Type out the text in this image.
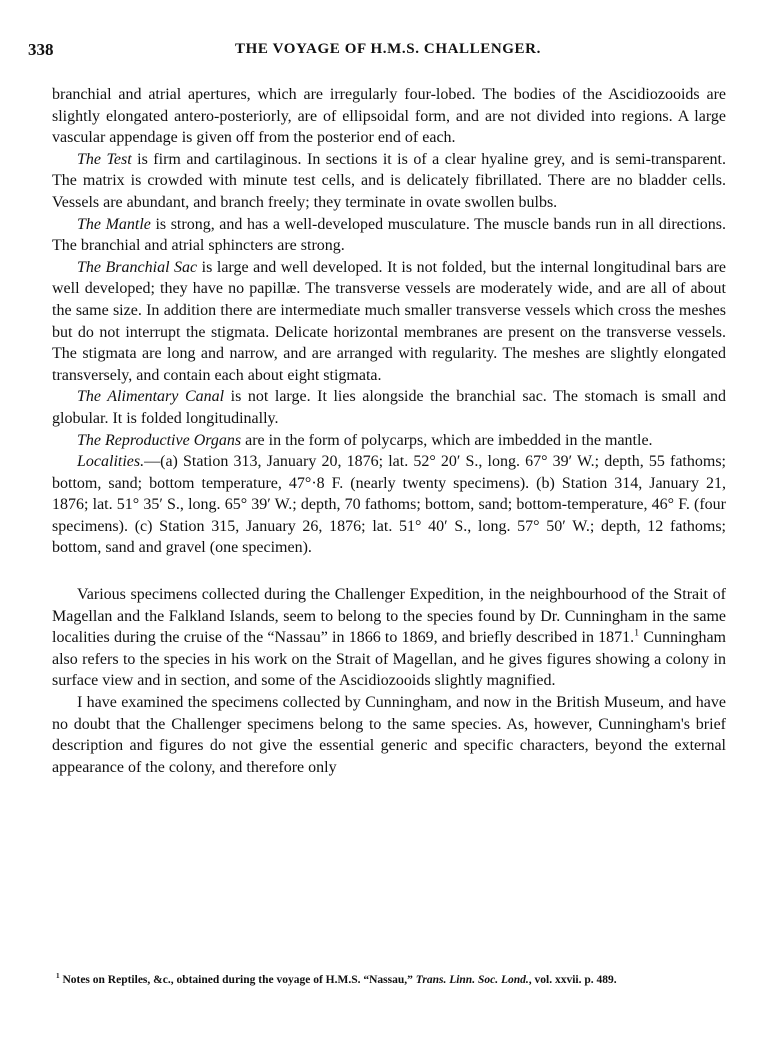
338	THE VOYAGE OF H.M.S. CHALLENGER.

branchial and atrial apertures, which are irregularly four-lobed. The bodies of the Ascidiozooids are slightly elongated antero-posteriorly, are of ellipsoidal form, and are not divided into regions. A large vascular appendage is given off from the posterior end of each.

The Test is firm and cartilaginous. In sections it is of a clear hyaline grey, and is semi-transparent. The matrix is crowded with minute test cells, and is delicately fibrillated. There are no bladder cells. Vessels are abundant, and branch freely; they terminate in ovate swollen bulbs.

The Mantle is strong, and has a well-developed musculature. The muscle bands run in all directions. The branchial and atrial sphincters are strong.

The Branchial Sac is large and well developed. It is not folded, but the internal longitudinal bars are well developed; they have no papillæ. The transverse vessels are moderately wide, and are all of about the same size. In addition there are intermediate much smaller transverse vessels which cross the meshes but do not interrupt the stigmata. Delicate horizontal membranes are present on the transverse vessels. The stigmata are long and narrow, and are arranged with regularity. The meshes are slightly elongated transversely, and contain each about eight stigmata.

The Alimentary Canal is not large. It lies alongside the branchial sac. The stomach is small and globular. It is folded longitudinally.

The Reproductive Organs are in the form of polycarps, which are imbedded in the mantle.

Localities.—(a) Station 313, January 20, 1876; lat. 52° 20′ S., long. 67° 39′ W.; depth, 55 fathoms; bottom, sand; bottom temperature, 47°·8 F. (nearly twenty specimens). (b) Station 314, January 21, 1876; lat. 51° 35′ S., long. 65° 39′ W.; depth, 70 fathoms; bottom, sand; bottom-temperature, 46° F. (four specimens). (c) Station 315, January 26, 1876; lat. 51° 40′ S., long. 57° 50′ W.; depth, 12 fathoms; bottom, sand and gravel (one specimen).

Various specimens collected during the Challenger Expedition, in the neighbourhood of the Strait of Magellan and the Falkland Islands, seem to belong to the species found by Dr. Cunningham in the same localities during the cruise of the “Nassau” in 1866 to 1869, and briefly described in 1871.$^1$ Cunningham also refers to the species in his work on the Strait of Magellan, and he gives figures showing a colony in surface view and in section, and some of the Ascidiozooids slightly magnified.

I have examined the specimens collected by Cunningham, and now in the British Museum, and have no doubt that the Challenger specimens belong to the same species. As, however, Cunningham's brief description and figures do not give the essential generic and specific characters, beyond the external appearance of the colony, and therefore only

$^1$ Notes on Reptiles, &c., obtained during the voyage of H.M.S. “Nassau,” Trans. Linn. Soc. Lond., vol. xxvii. p. 489.
